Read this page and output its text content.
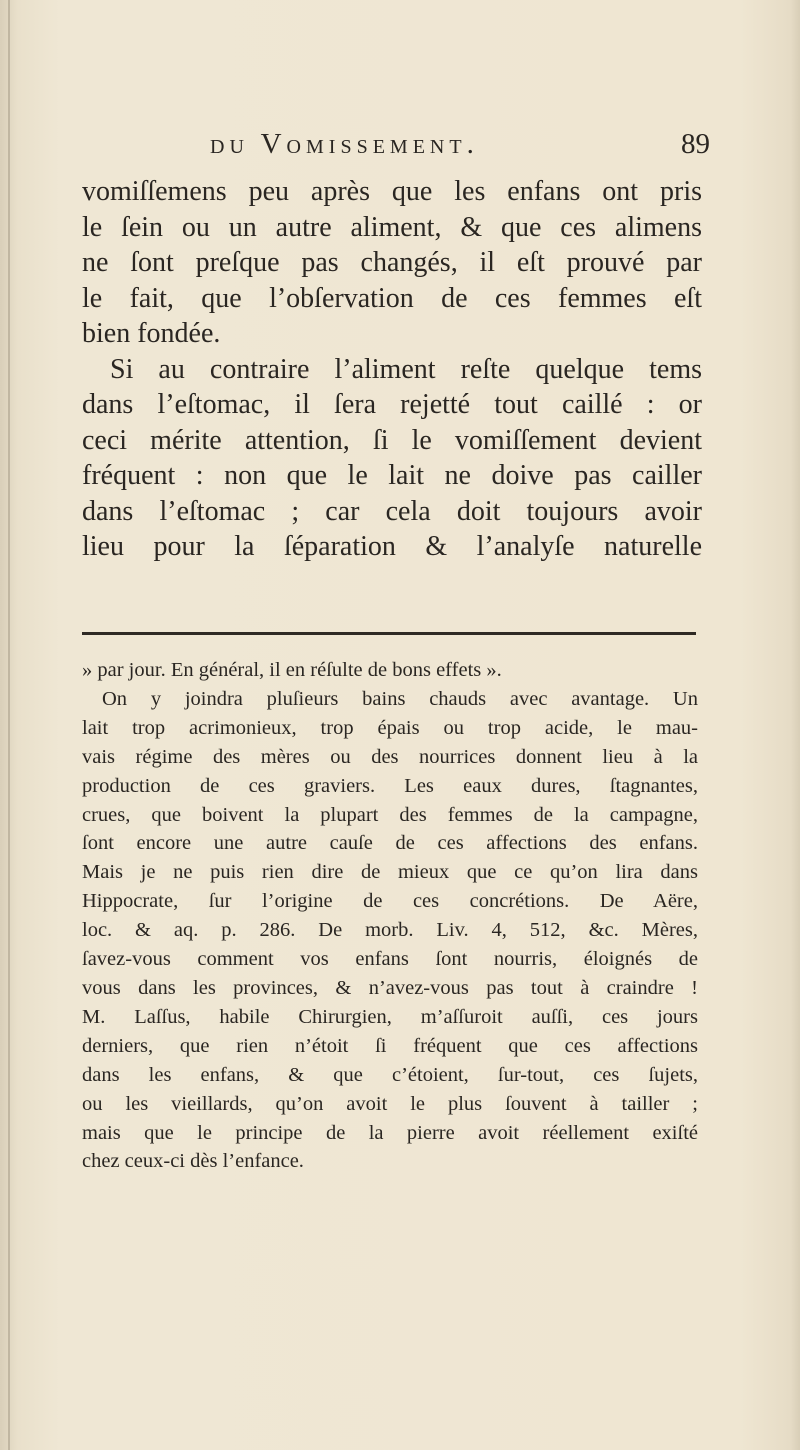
du Vomissement.	89
vomiſſemens peu après que les enfans ont pris
le ſein ou un autre aliment, & que ces alimens
ne ſont preſque pas changés, il eſt prouvé par
le fait, que l’obſervation de ces femmes eſt
bien fondée.
Si au contraire l’aliment reſte quelque tems
dans l’eſtomac, il ſera rejetté tout caillé : or
ceci mérite attention, ſi le vomiſſement devient
fréquent : non que le lait ne doive pas cailler
dans l’eſtomac ; car cela doit toujours avoir
lieu pour la ſéparation & l’analyſe naturelle
» par jour. En général, il en réſulte de bons effets ».
On y joindra pluſieurs bains chauds avec avantage. Un
lait trop acrimonieux, trop épais ou trop acide, le mau-
vais régime des mères ou des nourrices donnent lieu à la
production de ces graviers. Les eaux dures, ſtagnantes,
crues, que boivent la plupart des femmes de la campagne,
ſont encore une autre cauſe de ces affections des enfans.
Mais je ne puis rien dire de mieux que ce qu’on lira dans
Hippocrate, ſur l’origine de ces concrétions. De Aëre,
loc. & aq. p. 286. De morb. Liv. 4, 512, &c. Mères,
ſavez-vous comment vos enfans ſont nourris, éloignés de
vous dans les provinces, & n’avez-vous pas tout à craindre !
M. Laſſus, habile Chirurgien, m’aſſuroit auſſi, ces jours
derniers, que rien n’étoit ſi fréquent que ces affections
dans les enfans, & que c’étoient, ſur-tout, ces ſujets,
ou les vieillards, qu’on avoit le plus ſouvent à tailler ;
mais que le principe de la pierre avoit réellement exiſté
chez ceux-ci dès l’enfance.
